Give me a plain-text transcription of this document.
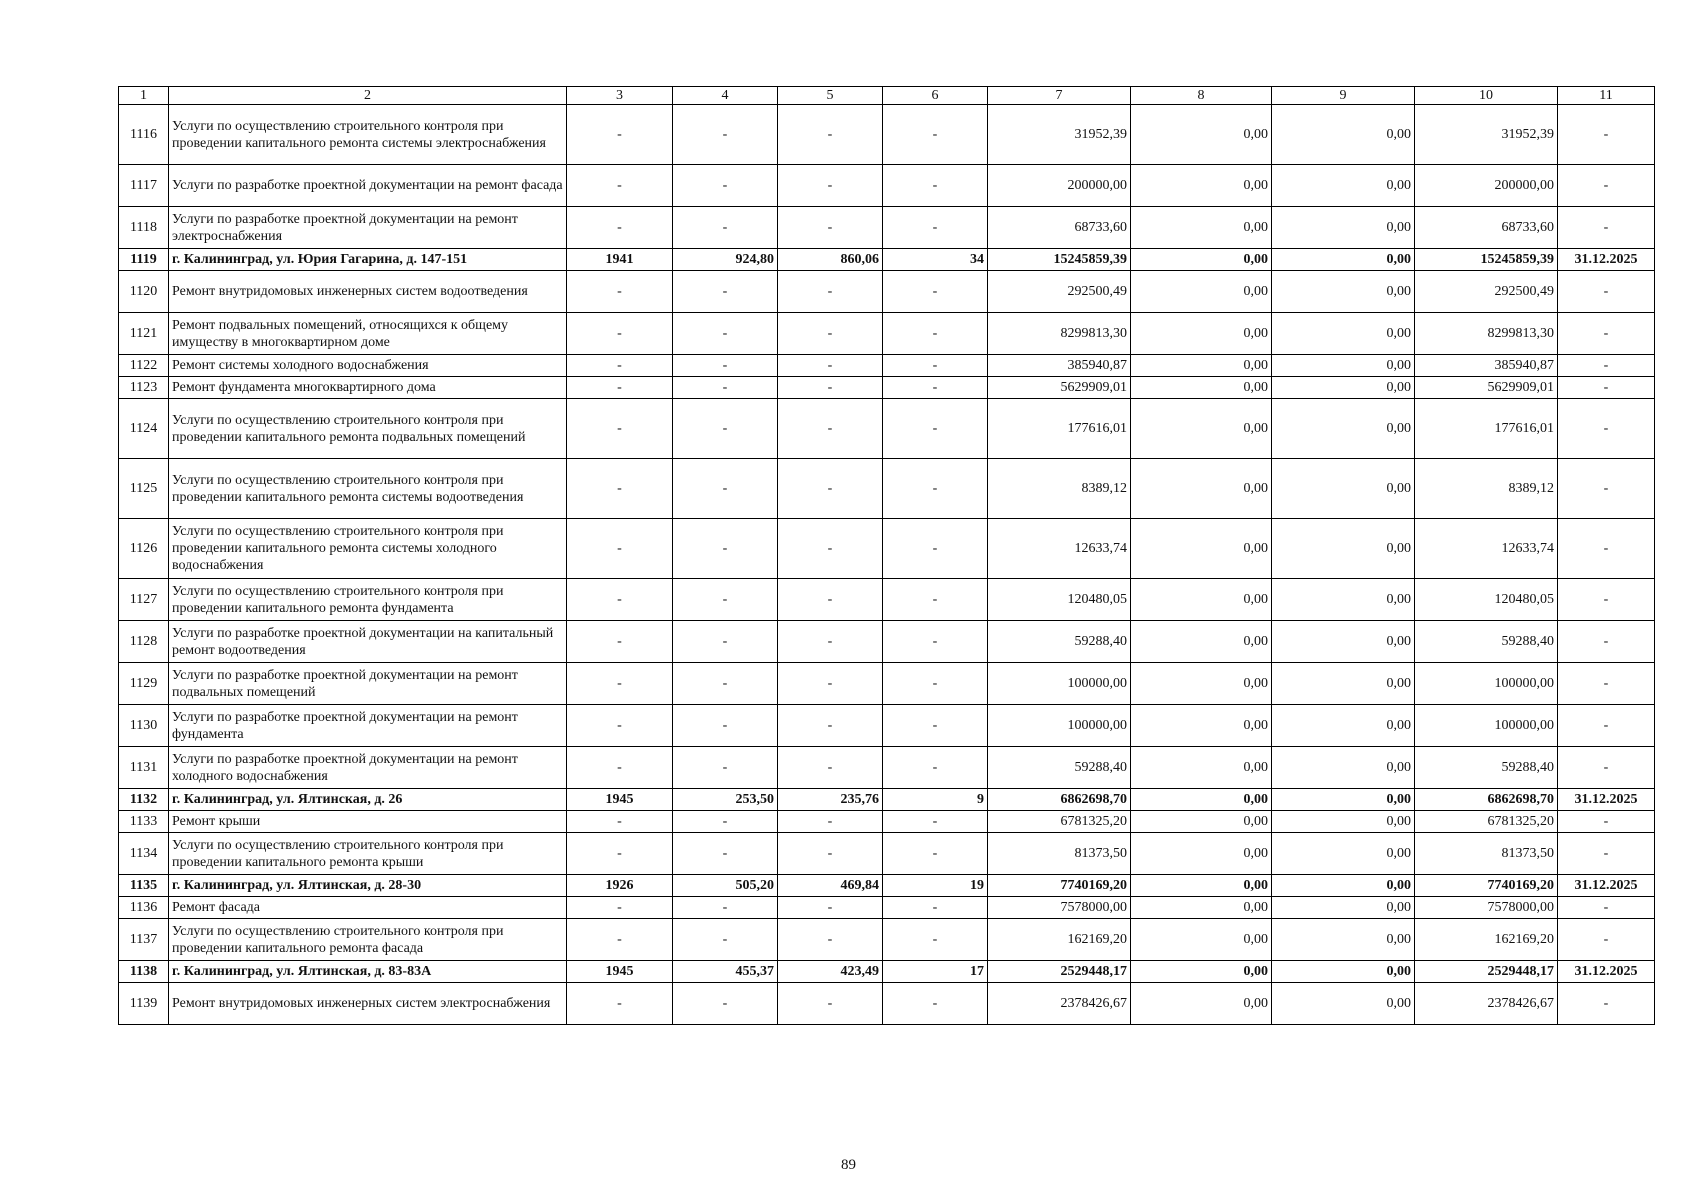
1	2	3	4	5	6	7	8	9	10	11
1116	Услуги по осуществлению строительного контроля при проведении капитального ремонта системы электроснабжения	-	-	-	-	31952,39	0,00	0,00	31952,39	-
1117	Услуги по разработке проектной документации на ремонт фасада	-	-	-	-	200000,00	0,00	0,00	200000,00	-
1118	Услуги по разработке проектной документации на ремонт электроснабжения	-	-	-	-	68733,60	0,00	0,00	68733,60	-
1119	г. Калининград, ул. Юрия Гагарина, д. 147-151	1941	924,80	860,06	34	15245859,39	0,00	0,00	15245859,39	31.12.2025
1120	Ремонт внутридомовых инженерных систем водоотведения	-	-	-	-	292500,49	0,00	0,00	292500,49	-
1121	Ремонт подвальных помещений, относящихся к общему имуществу в многоквартирном доме	-	-	-	-	8299813,30	0,00	0,00	8299813,30	-
1122	Ремонт системы холодного водоснабжения	-	-	-	-	385940,87	0,00	0,00	385940,87	-
1123	Ремонт фундамента многоквартирного дома	-	-	-	-	5629909,01	0,00	0,00	5629909,01	-
1124	Услуги по осуществлению строительного контроля при проведении капитального ремонта подвальных помещений	-	-	-	-	177616,01	0,00	0,00	177616,01	-
1125	Услуги по осуществлению строительного контроля при проведении капитального ремонта системы водоотведения	-	-	-	-	8389,12	0,00	0,00	8389,12	-
1126	Услуги по осуществлению строительного контроля при проведении капитального ремонта системы холодного водоснабжения	-	-	-	-	12633,74	0,00	0,00	12633,74	-
1127	Услуги по осуществлению строительного контроля при проведении капитального ремонта фундамента	-	-	-	-	120480,05	0,00	0,00	120480,05	-
1128	Услуги по разработке проектной документации на капитальный ремонт водоотведения	-	-	-	-	59288,40	0,00	0,00	59288,40	-
1129	Услуги по разработке проектной документации на ремонт подвальных помещений	-	-	-	-	100000,00	0,00	0,00	100000,00	-
1130	Услуги по разработке проектной документации на ремонт фундамента	-	-	-	-	100000,00	0,00	0,00	100000,00	-
1131	Услуги по разработке проектной документации на ремонт холодного водоснабжения	-	-	-	-	59288,40	0,00	0,00	59288,40	-
1132	г. Калининград, ул. Ялтинская, д. 26	1945	253,50	235,76	9	6862698,70	0,00	0,00	6862698,70	31.12.2025
1133	Ремонт крыши	-	-	-	-	6781325,20	0,00	0,00	6781325,20	-
1134	Услуги по осуществлению строительного контроля при проведении капитального ремонта крыши	-	-	-	-	81373,50	0,00	0,00	81373,50	-
1135	г. Калининград, ул. Ялтинская, д. 28-30	1926	505,20	469,84	19	7740169,20	0,00	0,00	7740169,20	31.12.2025
1136	Ремонт фасада	-	-	-	-	7578000,00	0,00	0,00	7578000,00	-
1137	Услуги по осуществлению строительного контроля при проведении капитального ремонта фасада	-	-	-	-	162169,20	0,00	0,00	162169,20	-
1138	г. Калининград, ул. Ялтинская, д. 83-83А	1945	455,37	423,49	17	2529448,17	0,00	0,00	2529448,17	31.12.2025
1139	Ремонт внутридомовых инженерных систем электроснабжения	-	-	-	-	2378426,67	0,00	0,00	2378426,67	-
89
